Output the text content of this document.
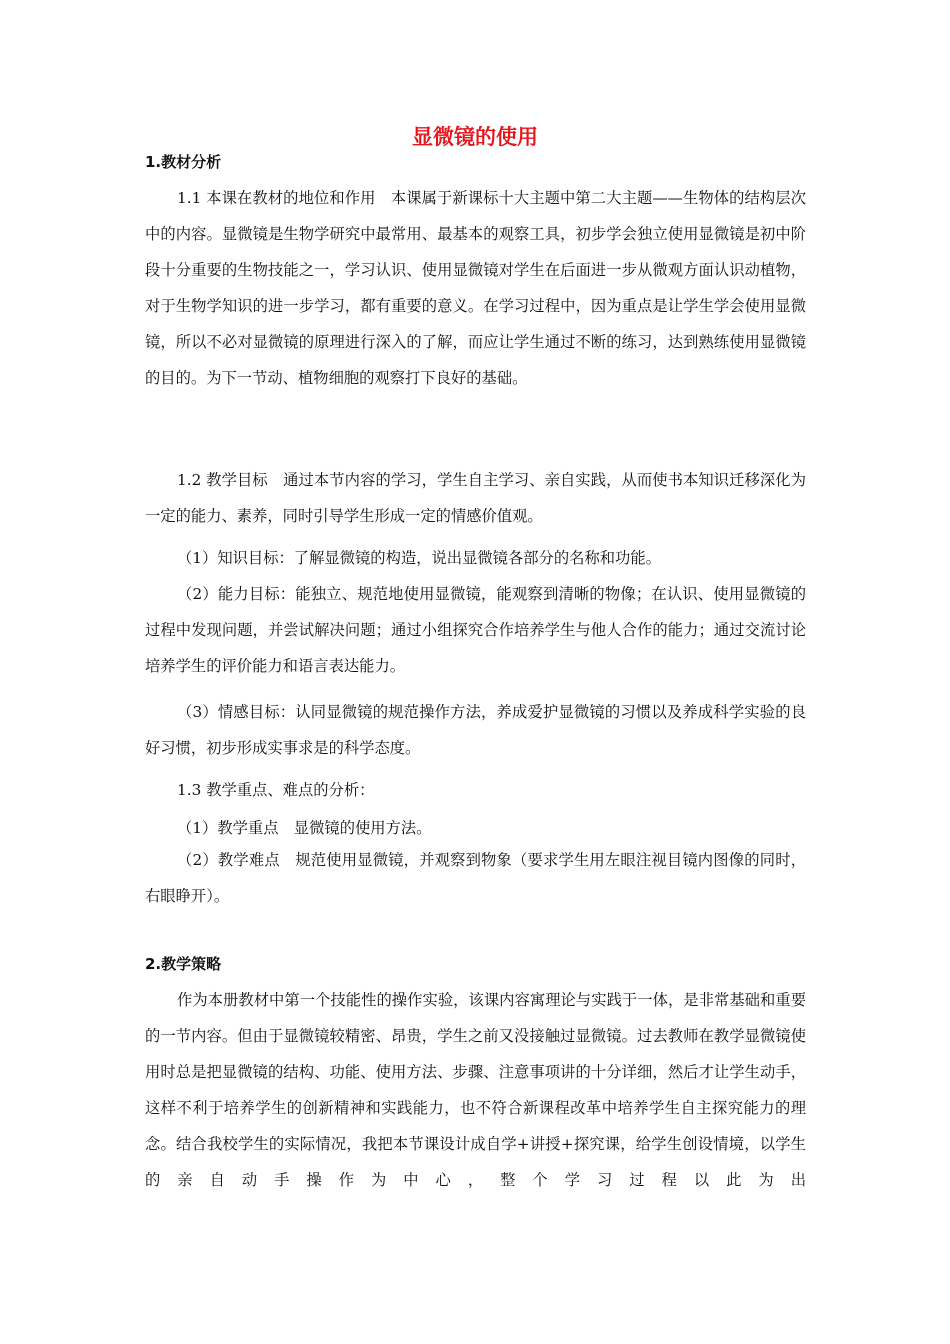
显微镜的使用
1.教材分析
1.1 本课在教材的地位和作用　本课属于新课标十大主题中第二大主题——生物体的结构层次中的内容。显微镜是生物学研究中最常用、最基本的观察工具，初步学会独立使用显微镜是初中阶段十分重要的生物技能之一，学习认识、使用显微镜对学生在后面进一步从微观方面认识动植物，对于生物学知识的进一步学习，都有重要的意义。在学习过程中，因为重点是让学生学会使用显微镜，所以不必对显微镜的原理进行深入的了解，而应让学生通过不断的练习，达到熟练使用显微镜的目的。为下一节动、植物细胞的观察打下良好的基础。
1.2 教学目标　通过本节内容的学习，学生自主学习、亲自实践，从而使书本知识迁移深化为一定的能力、素养，同时引导学生形成一定的情感价值观。
（1）知识目标：了解显微镜的构造，说出显微镜各部分的名称和功能。
（2）能力目标：能独立、规范地使用显微镜，能观察到清晰的物像；在认识、使用显微镜的过程中发现问题，并尝试解决问题；通过小组探究合作培养学生与他人合作的能力；通过交流讨论培养学生的评价能力和语言表达能力。
（3）情感目标：认同显微镜的规范操作方法，养成爱护显微镜的习惯以及养成科学实验的良好习惯，初步形成实事求是的科学态度。
1.3 教学重点、难点的分析：
（1）教学重点　显微镜的使用方法。
（2）教学难点　规范使用显微镜，并观察到物象（要求学生用左眼注视目镜内图像的同时，右眼睁开）。
2.教学策略
作为本册教材中第一个技能性的操作实验，该课内容寓理论与实践于一体，是非常基础和重要的一节内容。但由于显微镜较精密、昂贵，学生之前又没接触过显微镜。过去教师在教学显微镜使用时总是把显微镜的结构、功能、使用方法、步骤、注意事项讲的十分详细，然后才让学生动手，这样不利于培养学生的创新精神和实践能力，也不符合新课程改革中培养学生自主探究能力的理念。结合我校学生的实际情况，我把本节课设计成自学+讲授+探究课，给学生创设情境，以学生的亲自动手操作为中心，整个学习过程以此为出
